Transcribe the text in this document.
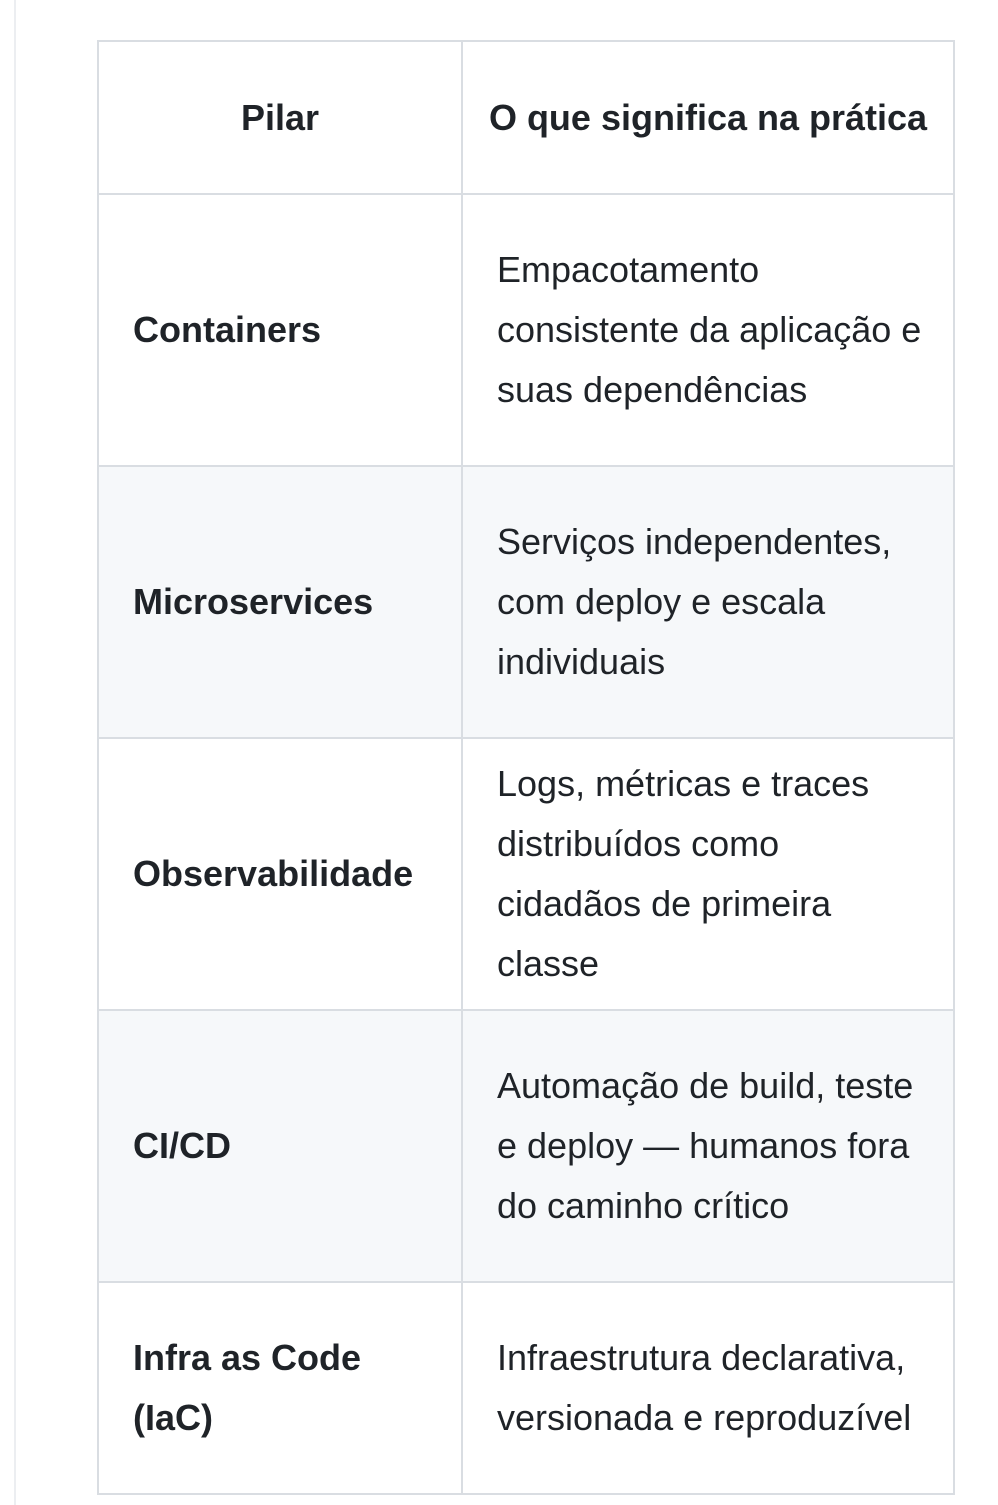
Pilar	O que significa na prática
Containers	Empacotamento consistente da aplicação e suas dependências
Microservices	Serviços independentes, com deploy e escala individuais
Observabilidade	Logs, métricas e traces distribuídos como cidadãos de primeira classe
CI/CD	Automação de build, teste e deploy — humanos fora do caminho crítico
Infra as Code (IaC)	Infraestrutura declarativa, versionada e reproduzível
